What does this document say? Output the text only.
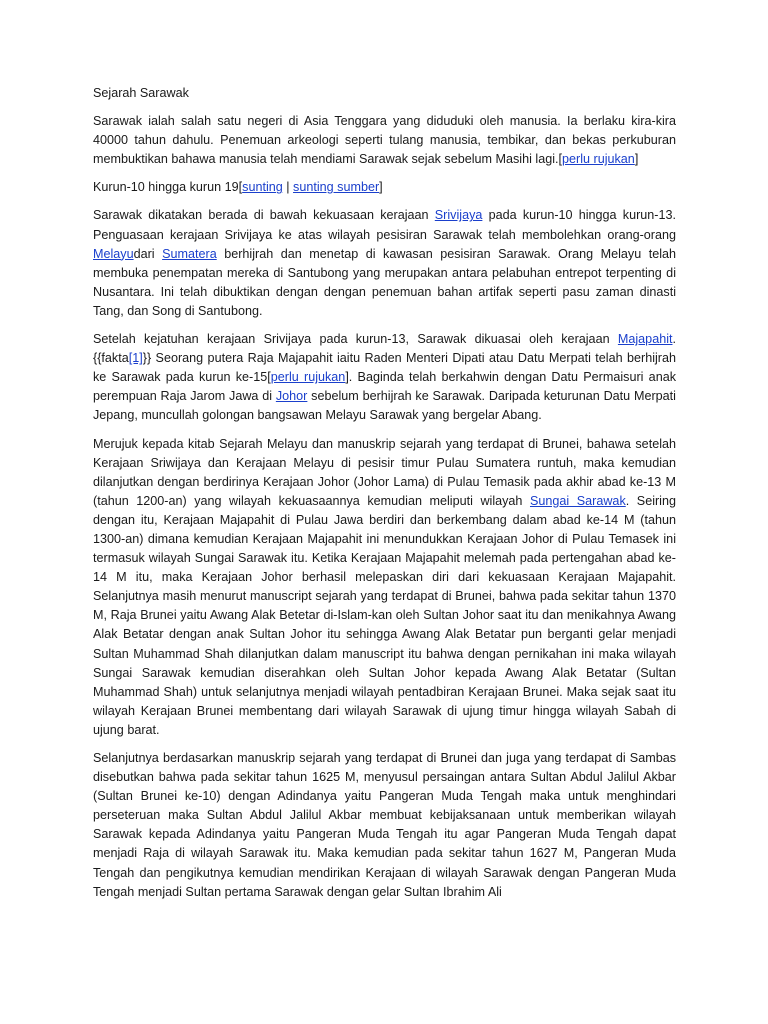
Sejarah Sarawak

Sarawak ialah salah satu negeri di Asia Tenggara yang diduduki oleh manusia. Ia berlaku kira-kira 40000 tahun dahulu. Penemuan arkeologi seperti tulang manusia, tembikar, dan bekas perkuburan membuktikan bahawa manusia telah mendiami Sarawak sejak sebelum Masihi lagi.[perlu rujukan]

Kurun-10 hingga kurun 19[sunting | sunting sumber]

Sarawak dikatakan berada di bawah kekuasaan kerajaan Srivijaya pada kurun-10 hingga kurun-13. Penguasaan kerajaan Srivijaya ke atas wilayah pesisiran Sarawak telah membolehkan orang-orang Melayudari Sumatera berhijrah dan menetap di kawasan pesisiran Sarawak. Orang Melayu telah membuka penempatan mereka di Santubong yang merupakan antara pelabuhan entrepot terpenting di Nusantara. Ini telah dibuktikan dengan dengan penemuan bahan artifak seperti pasu zaman dinasti Tang, dan Song di Santubong.

Setelah kejatuhan kerajaan Srivijaya pada kurun-13, Sarawak dikuasai oleh kerajaan Majapahit. {{fakta[1]}} Seorang putera Raja Majapahit iaitu Raden Menteri Dipati atau Datu Merpati telah berhijrah ke Sarawak pada kurun ke-15[perlu rujukan]. Baginda telah berkahwin dengan Datu Permaisuri anak perempuan Raja Jarom Jawa di Johor sebelum berhijrah ke Sarawak. Daripada keturunan Datu Merpati Jepang, muncullah golongan bangsawan Melayu Sarawak yang bergelar Abang.

Merujuk kepada kitab Sejarah Melayu dan manuskrip sejarah yang terdapat di Brunei, bahawa setelah Kerajaan Sriwijaya dan Kerajaan Melayu di pesisir timur Pulau Sumatera runtuh, maka kemudian dilanjutkan dengan berdirinya Kerajaan Johor (Johor Lama) di Pulau Temasik pada akhir abad ke-13 M (tahun 1200-an) yang wilayah kekuasaannya kemudian meliputi wilayah Sungai Sarawak. Seiring dengan itu, Kerajaan Majapahit di Pulau Jawa berdiri dan berkembang dalam abad ke-14 M (tahun 1300-an) dimana kemudian Kerajaan Majapahit ini menundukkan Kerajaan Johor di Pulau Temasek ini termasuk wilayah Sungai Sarawak itu. Ketika Kerajaan Majapahit melemah pada pertengahan abad ke-14 M itu, maka Kerajaan Johor berhasil melepaskan diri dari kekuasaan Kerajaan Majapahit. Selanjutnya masih menurut manuscript sejarah yang terdapat di Brunei, bahwa pada sekitar tahun 1370 M, Raja Brunei yaitu Awang Alak Betetar di-Islam-kan oleh Sultan Johor saat itu dan menikahnya Awang Alak Betatar dengan anak Sultan Johor itu sehingga Awang Alak Betatar pun berganti gelar menjadi Sultan Muhammad Shah dilanjutkan dalam manuscript itu bahwa dengan pernikahan ini maka wilayah Sungai Sarawak kemudian diserahkan oleh Sultan Johor kepada Awang Alak Betatar (Sultan Muhammad Shah) untuk selanjutnya menjadi wilayah pentadbiran Kerajaan Brunei. Maka sejak saat itu wilayah Kerajaan Brunei membentang dari wilayah Sarawak di ujung timur hingga wilayah Sabah di ujung barat.

Selanjutnya berdasarkan manuskrip sejarah yang terdapat di Brunei dan juga yang terdapat di Sambas disebutkan bahwa pada sekitar tahun 1625 M, menyusul persaingan antara Sultan Abdul Jalilul Akbar (Sultan Brunei ke-10) dengan Adindanya yaitu Pangeran Muda Tengah maka untuk menghindari perseteruan maka Sultan Abdul Jalilul Akbar membuat kebijaksanaan untuk memberikan wilayah Sarawak kepada Adindanya yaitu Pangeran Muda Tengah itu agar Pangeran Muda Tengah dapat menjadi Raja di wilayah Sarawak itu. Maka kemudian pada sekitar tahun 1627 M, Pangeran Muda Tengah dan pengikutnya kemudian mendirikan Kerajaan di wilayah Sarawak dengan Pangeran Muda Tengah menjadi Sultan pertama Sarawak dengan gelar Sultan Ibrahim Ali
